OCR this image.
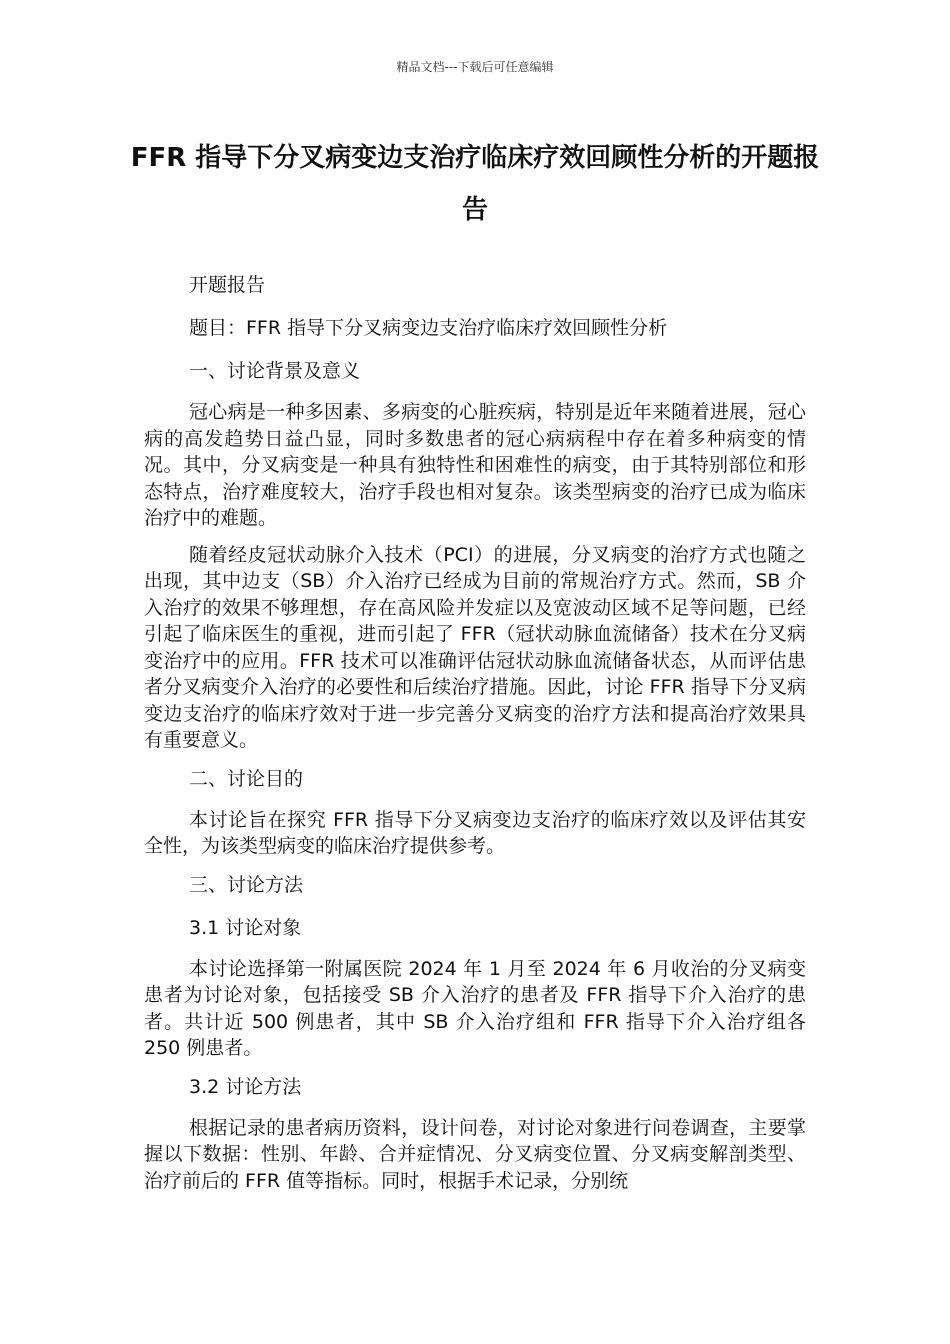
精品文档---下载后可任意编辑
FFR 指导下分叉病变边支治疗临床疗效回顾性分析的开题报告
开题报告
题目：FFR 指导下分叉病变边支治疗临床疗效回顾性分析
一、讨论背景及意义

冠心病是一种多因素、多病变的心脏疾病，特别是近年来随着进展，冠心病的高发趋势日益凸显，同时多数患者的冠心病病程中存在着多种病变的情况。其中，分叉病变是一种具有独特性和困难性的病变，由于其特别部位和形态特点，治疗难度较大，治疗手段也相对复杂。该类型病变的治疗已成为临床治疗中的难题。

随着经皮冠状动脉介入技术（PCI）的进展，分叉病变的治疗方式也随之出现，其中边支（SB）介入治疗已经成为目前的常规治疗方式。然而，SB 介入治疗的效果不够理想，存在高风险并发症以及宽波动区域不足等问题，已经引起了临床医生的重视，进而引起了 FFR（冠状动脉血流储备）技术在分叉病变治疗中的应用。FFR 技术可以准确评估冠状动脉血流储备状态，从而评估患者分叉病变介入治疗的必要性和后续治疗措施。因此，讨论 FFR 指导下分叉病变边支治疗的临床疗效对于进一步完善分叉病变的治疗方法和提高治疗效果具有重要意义。

二、讨论目的

本讨论旨在探究 FFR 指导下分叉病变边支治疗的临床疗效以及评估其安全性，为该类型病变的临床治疗提供参考。

三、讨论方法
3.1 讨论对象

本讨论选择第一附属医院 2024 年 1 月至 2024 年 6 月收治的分叉病变患者为讨论对象，包括接受 SB 介入治疗的患者及 FFR 指导下介入治疗的患者。共计近 500 例患者，其中 SB 介入治疗组和 FFR 指导下介入治疗组各 250 例患者。

3.2 讨论方法

根据记录的患者病历资料，设计问卷，对讨论对象进行问卷调查，主要掌握以下数据：性别、年龄、合并症情况、分叉病变位置、分叉病变解剖类型、治疗前后的 FFR 值等指标。同时，根据手术记录，分别统
